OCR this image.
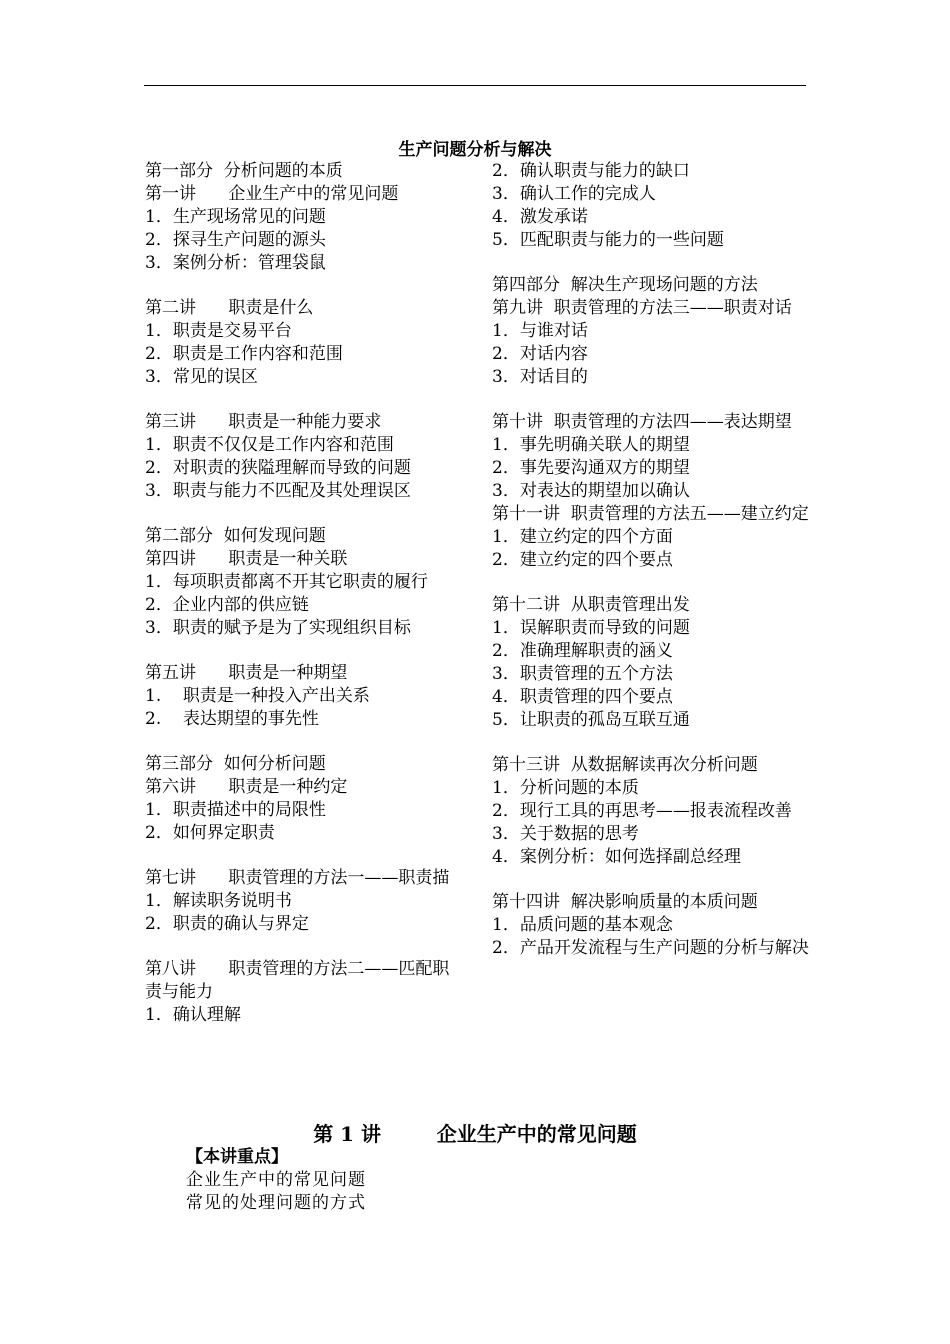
生产问题分析与解决

第一部分  分析问题的本质

第一讲      企业生产中的常见问题

1．生产现场常见的问题

2．探寻生产问题的源头

3．案例分析：管理袋鼠

第二讲      职责是什么

1．职责是交易平台

2．职责是工作内容和范围

3．常见的误区

第三讲      职责是一种能力要求

1．职责不仅仅是工作内容和范围

2．对职责的狭隘理解而导致的问题

3．职责与能力不匹配及其处理误区

第二部分  如何发现问题

第四讲      职责是一种关联

1．每项职责都离不开其它职责的履行

2．企业内部的供应链

3．职责的赋予是为了实现组织目标

第五讲      职责是一种期望

1.    职责是一种投入产出关系

2.    表达期望的事先性

第三部分  如何分析问题

第六讲      职责是一种约定

1．职责描述中的局限性

2．如何界定职责

第七讲      职责管理的方法一——职责描

1．解读职务说明书

2．职责的确认与界定

第八讲      职责管理的方法二——匹配职责与能力

1．确认理解

2．确认职责与能力的缺口

3．确认工作的完成人

4．激发承诺

5．匹配职责与能力的一些问题

第四部分  解决生产现场问题的方法

第九讲  职责管理的方法三——职责对话

1．与谁对话

2．对话内容

3．对话目的

第十讲  职责管理的方法四——表达期望

1．事先明确关联人的期望

2．事先要沟通双方的期望

3．对表达的期望加以确认

第十一讲  职责管理的方法五——建立约定

1．建立约定的四个方面

2．建立约定的四个要点

第十二讲  从职责管理出发

1．误解职责而导致的问题

2．准确理解职责的涵义

3．职责管理的五个方法

4．职责管理的四个要点

5．让职责的孤岛互联互通

第十三讲  从数据解读再次分析问题

1．分析问题的本质

2．现行工具的再思考——报表流程改善

3．关于数据的思考

4．案例分析：如何选择副总经理

第十四讲  解决影响质量的本质问题

1．品质问题的基本观念

2．产品开发流程与生产问题的分析与解决

第 1 讲        企业生产中的常见问题

【本讲重点】

企业生产中的常见问题

常见的处理问题的方式
